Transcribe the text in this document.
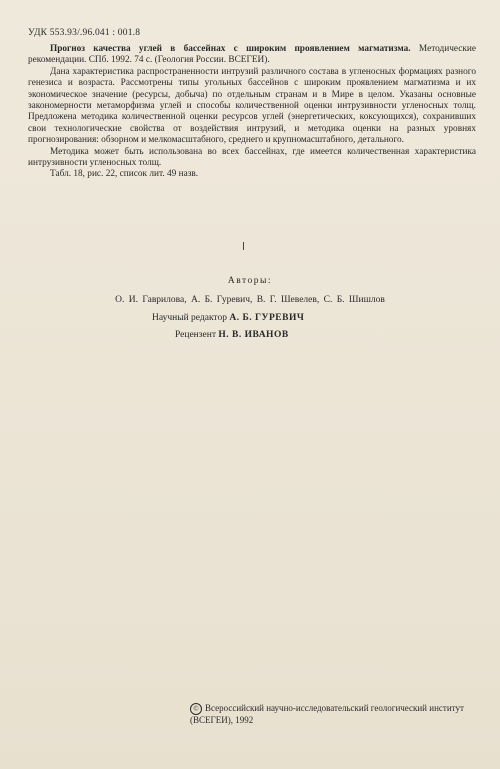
УДК 553.93/.96.041 : 001.8

Прогноз качества углей в бассейнах с широким проявлением магматизма. Методические рекомендации. СПб. 1992. 74 с. (Геология России. ВСЕГЕИ).

Дана характеристика распространенности интрузий различного состава в угленосных формациях разного генезиса и возраста. Рассмотрены типы угольных бассейнов с широким проявлением магматизма и их экономическое значение (ресурсы, добыча) по отдельным странам и в Мире в целом. Указаны основные закономерности метаморфизма углей и способы количественной оценки интрузивности угленосных толщ. Предложена методика количественной оценки ресурсов углей (энергетических, коксующихся), сохранивших свои технологические свойства от воздействия интрузий, и методика оценки на разных уровнях прогнозирования: обзорном и мелкомасштабного, среднего и крупномасштабного, детального.

Методика может быть использована во всех бассейнах, где имеется количественная характеристика интрузивности угленосных толщ.

Табл. 18, рис. 22, список лит. 49 назв.

Авторы:
О. И. Гаврилова, А. Б. Гуревич, В. Г. Шевелев, С. Б. Шишлов
Научный редактор А. Б. ГУРЕВИЧ
Рецензент Н. В. ИВАНОВ
© Всероссийский научно-исследовательский геологический институт (ВСЕГЕИ), 1992
